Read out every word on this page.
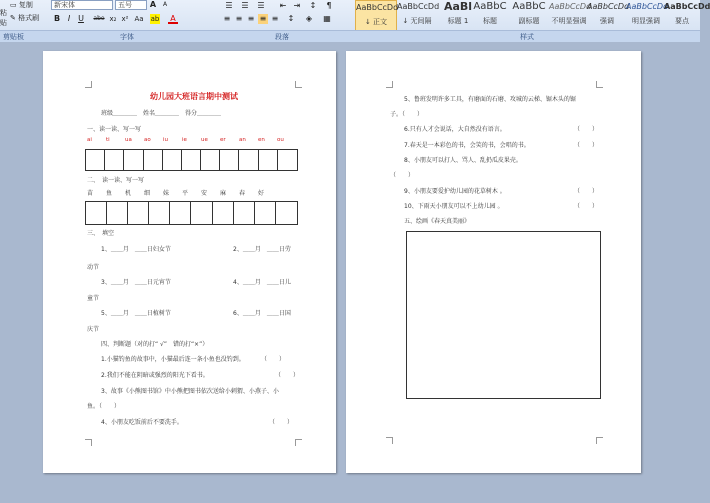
▭ 复制
✎ 格式刷
粘贴
新宋体	五号	A	A
B I U	abe x₂ x² Aa ab A
☰ ☰ ☰ ⇤ ⇥ ↕	¶
≡ ≡ ≡ ≡ ≡ ↕ ◈ ▦
AaBbCcDd
↓ 正文
AaBbCcDd
↓ 无间隔
AaBl
标题 1
AaBbC
标题
AaBbC
副标题
AaBbCcDd
不明显强调
AaBbCcDd
强调
AaBbCcDd
明显强调
AaBbCcDd
要点
剪贴板	字体	段落	样式
幼儿园大班语言期中测试
班级＿＿＿＿　姓名＿＿＿＿　得分＿＿＿＿
一、读一读、写一写
二、　读一读、写一写
三、　填空
1、＿＿月　＿＿日妇女节	2、＿＿月　＿＿日劳
动节
3、＿＿月　＿＿日元宵节	4、＿＿月　＿＿日儿
童节
5、＿＿月　＿＿日植树节	6、＿＿月　＿＿日国
庆节
四、判断题（对的打“ √”　错的打“×”）
1.小猫钓鱼的故事中，小猫最后连一条小鱼也没钓到。	（　　）
2.我们不能在阴暗或强烈的阳光下看书。	（　　）
3、故事《小熊图书馆》中小熊把图书依次送给小刺猬、小燕子、小
鱼。（　　）
4、小朋友吃饭前后不要洗手。	（　　）
ai	ti	ua ao iu	ie	ue er an en ou
苗 鱼 机 细 妹 平 安 麻 春 好
5、鲁班发明许多工具，有磨面的石磨、攻城的云梯、锯木头的锯
子。（　　）
6.只有人才会说话，大自然没有语言。	（　　）
7.春天是一本彩色的书，会笑的书，会唱的书。	（　　）
8、小朋友可以打人、骂人、乱扔瓜皮果壳。
（　　）
9、小朋友要爱护幼儿园的花草树木 。	（　　）
10、下雨天小朋友可以不上幼儿园 。	（　　）
五、绘画《春天真美丽》
